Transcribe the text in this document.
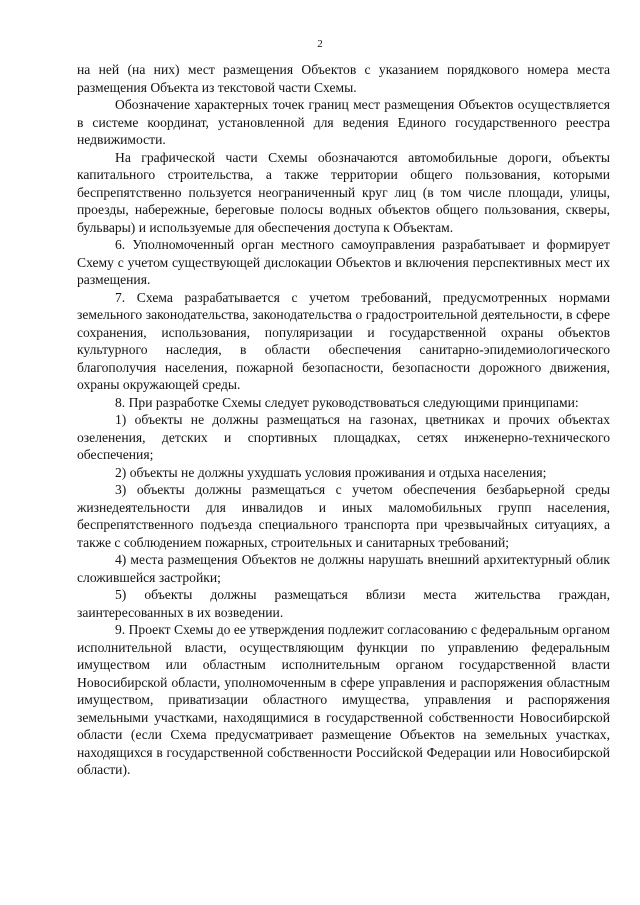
2

на ней (на них) мест размещения Объектов с указанием порядкового номера места размещения Объекта из текстовой части Схемы.

Обозначение характерных точек границ мест размещения Объектов осуществляется в системе координат, установленной для ведения Единого государственного реестра недвижимости.

На графической части Схемы обозначаются автомобильные дороги, объекты капитального строительства, а также территории общего пользования, которыми беспрепятственно пользуется неограниченный круг лиц (в том числе площади, улицы, проезды, набережные, береговые полосы водных объектов общего пользования, скверы, бульвары) и используемые для обеспечения доступа к Объектам.

6. Уполномоченный орган местного самоуправления разрабатывает и формирует Схему с учетом существующей дислокации Объектов и включения перспективных мест их размещения.

7. Схема разрабатывается с учетом требований, предусмотренных нормами земельного законодательства, законодательства о градостроительной деятельности, в сфере сохранения, использования, популяризации и государственной охраны объектов культурного наследия, в области обеспечения санитарно-эпидемиологического благополучия населения, пожарной безопасности, безопасности дорожного движения, охраны окружающей среды.

8. При разработке Схемы следует руководствоваться следующими принципами:

1) объекты не должны размещаться на газонах, цветниках и прочих объектах озеленения, детских и спортивных площадках, сетях инженерно-технического обеспечения;

2) объекты не должны ухудшать условия проживания и отдыха населения;

3) объекты должны размещаться с учетом обеспечения безбарьерной среды жизнедеятельности для инвалидов и иных маломобильных групп населения, беспрепятственного подъезда специального транспорта при чрезвычайных ситуациях, а также с соблюдением пожарных, строительных и санитарных требований;

4) места размещения Объектов не должны нарушать внешний архитектурный облик сложившейся застройки;

5) объекты должны размещаться вблизи места жительства граждан, заинтересованных в их возведении.

9. Проект Схемы до ее утверждения подлежит согласованию с федеральным органом исполнительной власти, осуществляющим функции по управлению федеральным имуществом или областным исполнительным органом государственной власти Новосибирской области, уполномоченным в сфере управления и распоряжения областным имуществом, приватизации областного имущества, управления и распоряжения земельными участками, находящимися в государственной собственности Новосибирской области (если Схема предусматривает размещение Объектов на земельных участках, находящихся в государственной собственности Российской Федерации или Новосибирской области).
